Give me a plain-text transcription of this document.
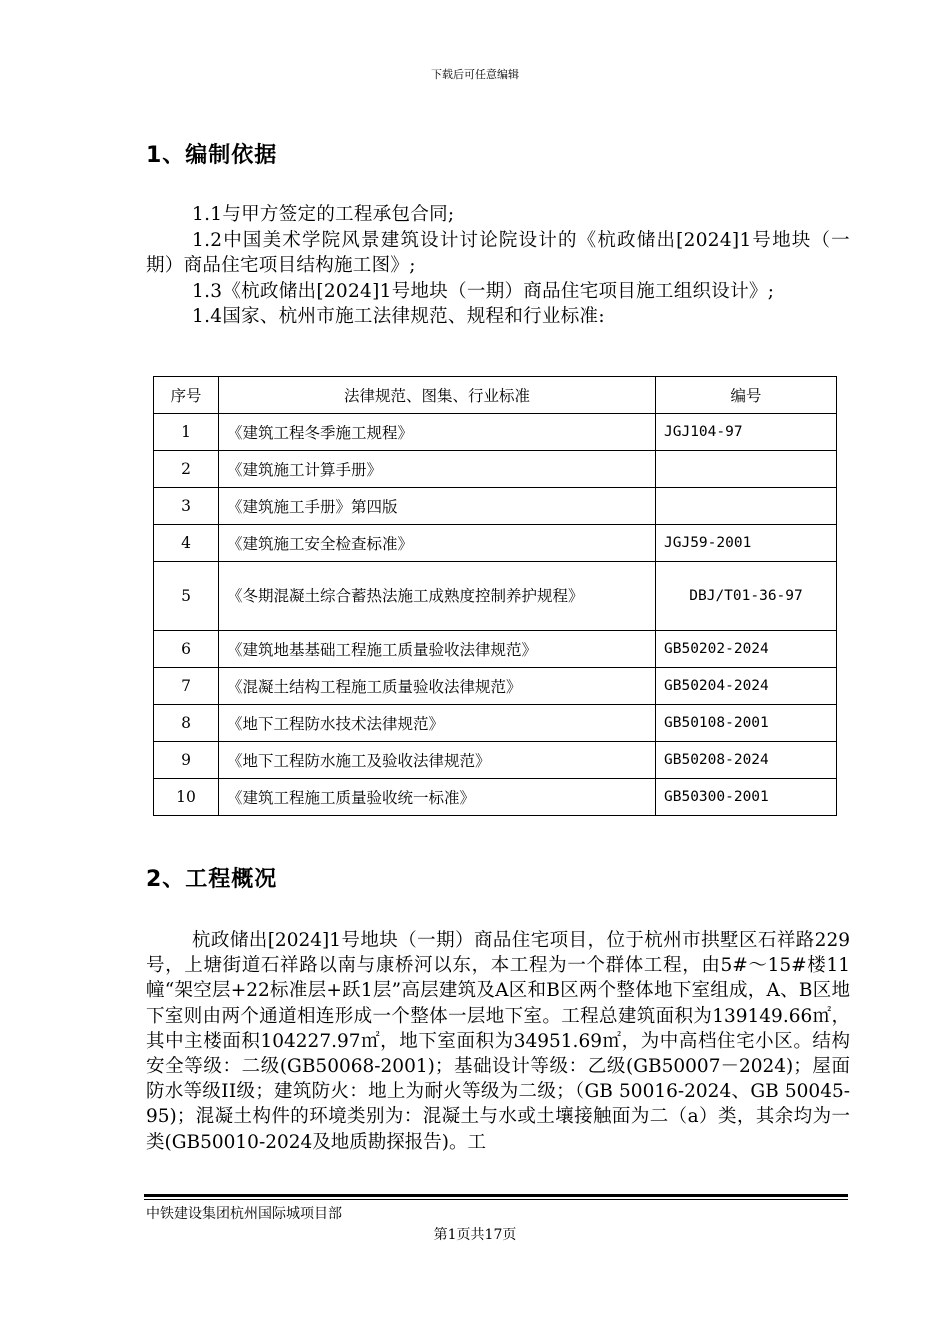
下载后可任意编辑
1、编制依据

1.1与甲方签定的工程承包合同;

1.2中国美术学院风景建筑设计讨论院设计的《杭政储出[2024]1号地块（一期）商品住宅项目结构施工图》;

1.3《杭政储出[2024]1号地块（一期）商品住宅项目施工组织设计》;

1.4国家、杭州市施工法律规范、规程和行业标准:

序号	法律规范、图集、行业标准	编号
1	《建筑工程冬季施工规程》	JGJ104-97
2	《建筑施工计算手册》	
3	《建筑施工手册》第四版	
4	《建筑施工安全检查标准》	JGJ59-2001
5	《冬期混凝土综合蓄热法施工成熟度控制养护规程》	DBJ/T01-36-97
6	《建筑地基基础工程施工质量验收法律规范》	GB50202-2024
7	《混凝土结构工程施工质量验收法律规范》	GB50204-2024
8	《地下工程防水技术法律规范》	GB50108-2001
9	《地下工程防水施工及验收法律规范》	GB50208-2024
10	《建筑工程施工质量验收统一标准》	GB50300-2001
2、工程概况

杭政储出[2024]1号地块（一期）商品住宅项目，位于杭州市拱墅区石祥路229号，上塘街道石祥路以南与康桥河以东，本工程为一个群体工程，由5#～15#楼11幢“架空层+22标准层+跃1层”高层建筑及A区和B区两个整体地下室组成，A、B区地下室则由两个通道相连形成一个整体一层地下室。工程总建筑面积为139149.66㎡，其中主楼面积104227.97㎡，地下室面积为34951.69㎡，为中高档住宅小区。结构安全等级：二级(GB50068-2001)；基础设计等级：乙级(GB50007－2024)；屋面防水等级ⅠI级；建筑防火：地上为耐火等级为二级；（GB 50016-2024、GB 50045-95)；混凝土构件的环境类别为：混凝土与水或土壤接触面为二（a）类，其余均为一类(GB50010-2024及地质勘探报告)。工

中铁建设集团杭州国际城项目部
第1页共17页
